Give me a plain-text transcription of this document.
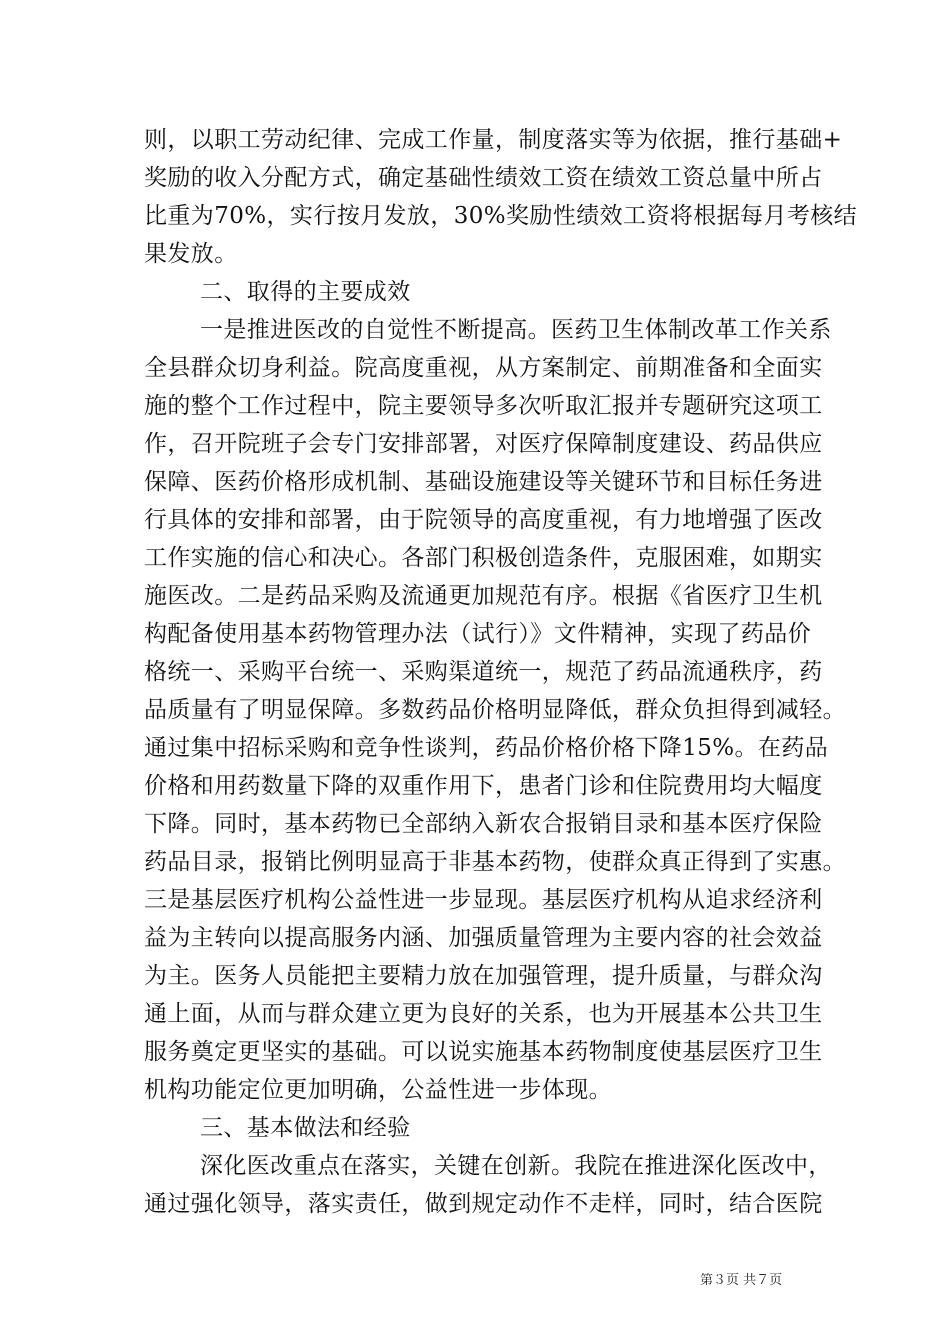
则，以职工劳动纪律、完成工作量，制度落实等为依据，推行基础+
奖励的收入分配方式，确定基础性绩效工资在绩效工资总量中所占
比重为70%，实行按月发放，30%奖励性绩效工资将根据每月考核结
果发放。
二、取得的主要成效
一是推进医改的自觉性不断提高。医药卫生体制改革工作关系
全县群众切身利益。院高度重视，从方案制定、前期准备和全面实
施的整个工作过程中，院主要领导多次听取汇报并专题研究这项工
作，召开院班子会专门安排部署，对医疗保障制度建设、药品供应
保障、医药价格形成机制、基础设施建设等关键环节和目标任务进
行具体的安排和部署，由于院领导的高度重视，有力地增强了医改
工作实施的信心和决心。各部门积极创造条件，克服困难，如期实
施医改。二是药品采购及流通更加规范有序。根据《省医疗卫生机
构配备使用基本药物管理办法（试行）》文件精神，实现了药品价
格统一、采购平台统一、采购渠道统一，规范了药品流通秩序，药
品质量有了明显保障。多数药品价格明显降低，群众负担得到减轻。
通过集中招标采购和竞争性谈判，药品价格价格下降15%。在药品
价格和用药数量下降的双重作用下，患者门诊和住院费用均大幅度
下降。同时，基本药物已全部纳入新农合报销目录和基本医疗保险
药品目录，报销比例明显高于非基本药物，使群众真正得到了实惠。
三是基层医疗机构公益性进一步显现。基层医疗机构从追求经济利
益为主转向以提高服务内涵、加强质量管理为主要内容的社会效益
为主。医务人员能把主要精力放在加强管理，提升质量，与群众沟
通上面，从而与群众建立更为良好的关系，也为开展基本公共卫生
服务奠定更坚实的基础。可以说实施基本药物制度使基层医疗卫生
机构功能定位更加明确，公益性进一步体现。
三、基本做法和经验
深化医改重点在落实，关键在创新。我院在推进深化医改中，
通过强化领导，落实责任，做到规定动作不走样，同时，结合医院
第３页 共７页
